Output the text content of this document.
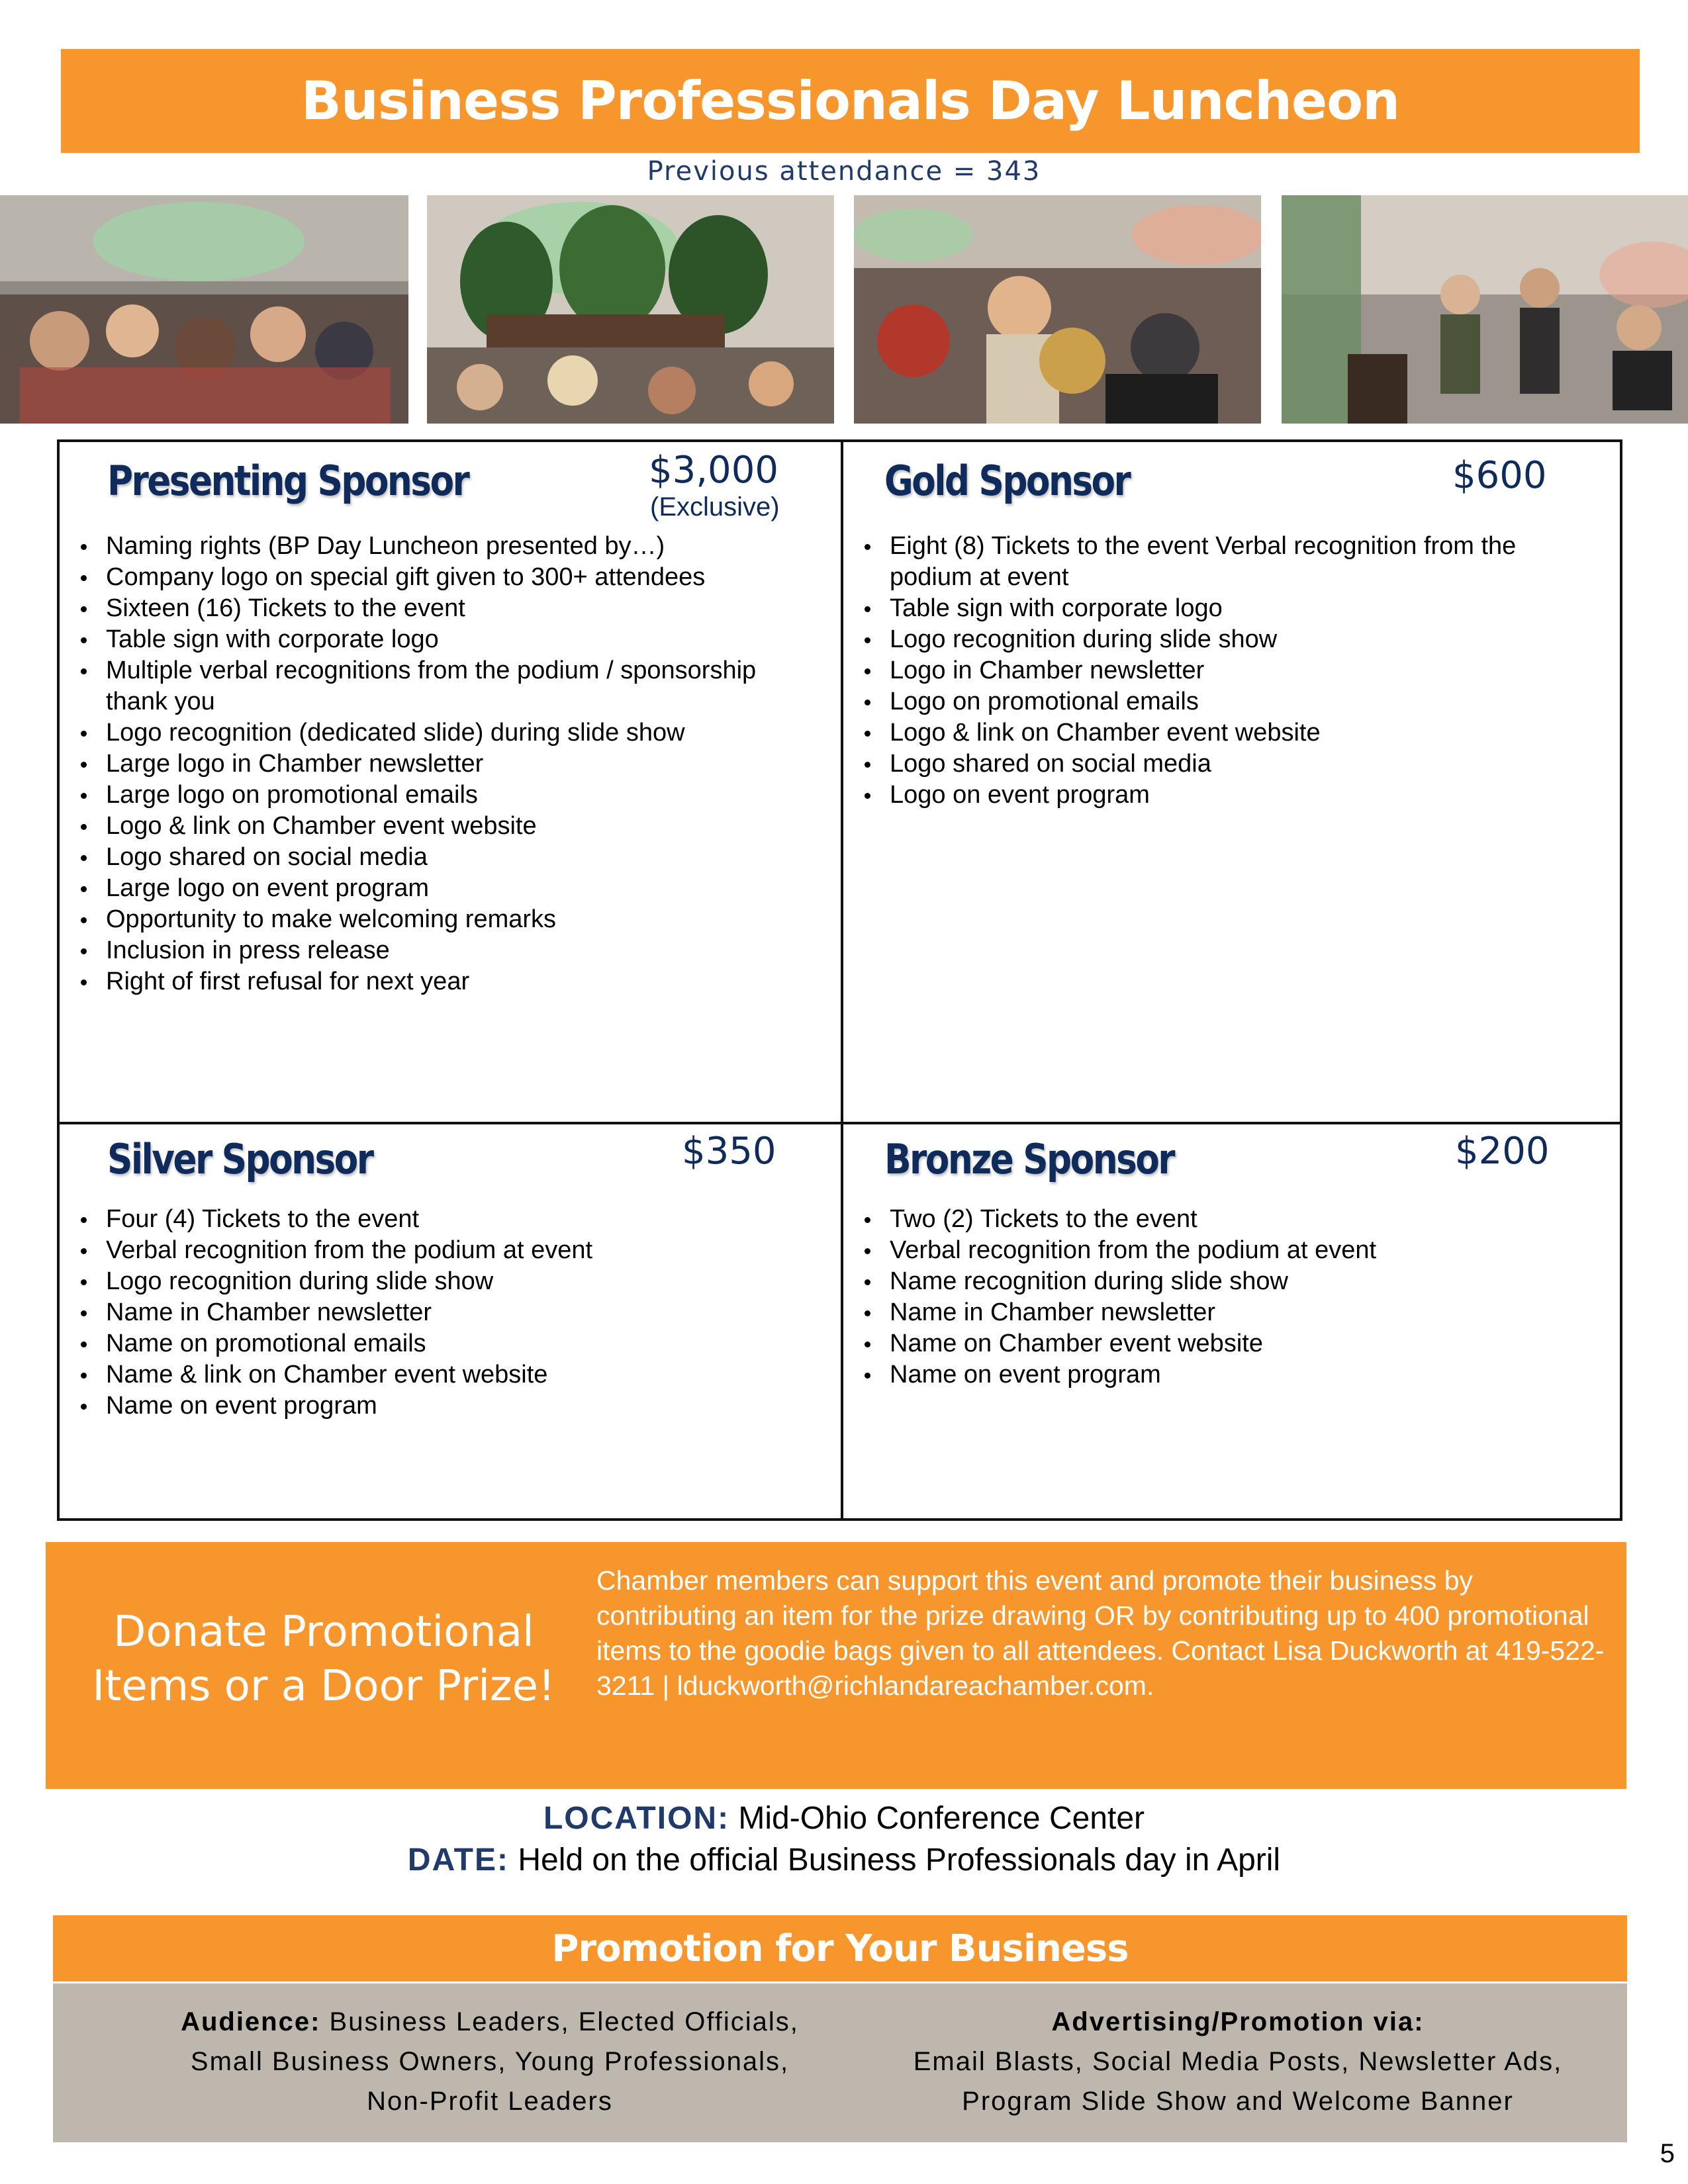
Business Professionals Day Luncheon
Previous attendance = 343
Presenting Sponsor	$3,000
(Exclusive)
Naming rights (BP Day Luncheon presented by…)
Company logo on special gift given to 300+ attendees
Sixteen (16) Tickets to the event
Table sign with corporate logo
Multiple verbal recognitions from the podium / sponsorship thank you
Logo recognition (dedicated slide) during slide show
Large logo in Chamber newsletter
Large logo on promotional emails
Logo & link on Chamber event website
Logo shared on social media
Large logo on event program
Opportunity to make welcoming remarks
Inclusion in press release
Right of first refusal for next year
Gold Sponsor	$600
Eight (8) Tickets to the event Verbal recognition from the podium at event
Table sign with corporate logo
Logo recognition during slide show
Logo in Chamber newsletter
Logo on promotional emails
Logo & link on Chamber event website
Logo shared on social media
Logo on event program
Silver Sponsor	$350
Four (4) Tickets to the event
Verbal recognition from the podium at event
Logo recognition during slide show
Name in Chamber newsletter
Name on promotional emails
Name & link on Chamber event website
Name on event program
Bronze Sponsor	$200
Two (2) Tickets to the event
Verbal recognition from the podium at event
Name recognition during slide show
Name in Chamber newsletter
Name on Chamber event website
Name on event program
Donate Promotional Items or a Door Prize!
Chamber members can support this event and promote their business by contributing an item for the prize drawing OR by contributing up to 400 promotional items to the goodie bags given to all attendees. Contact Lisa Duckworth at 419-522-3211 | lduckworth@richlandareachamber.com.
LOCATION: Mid-Ohio Conference Center
DATE: Held on the official Business Professionals day in April
Promotion for Your Business
Audience: Business Leaders, Elected Officials,
Small Business Owners, Young Professionals,
Non-Profit Leaders
Advertising/Promotion via:
Email Blasts, Social Media Posts, Newsletter Ads,
Program Slide Show and Welcome Banner
5
